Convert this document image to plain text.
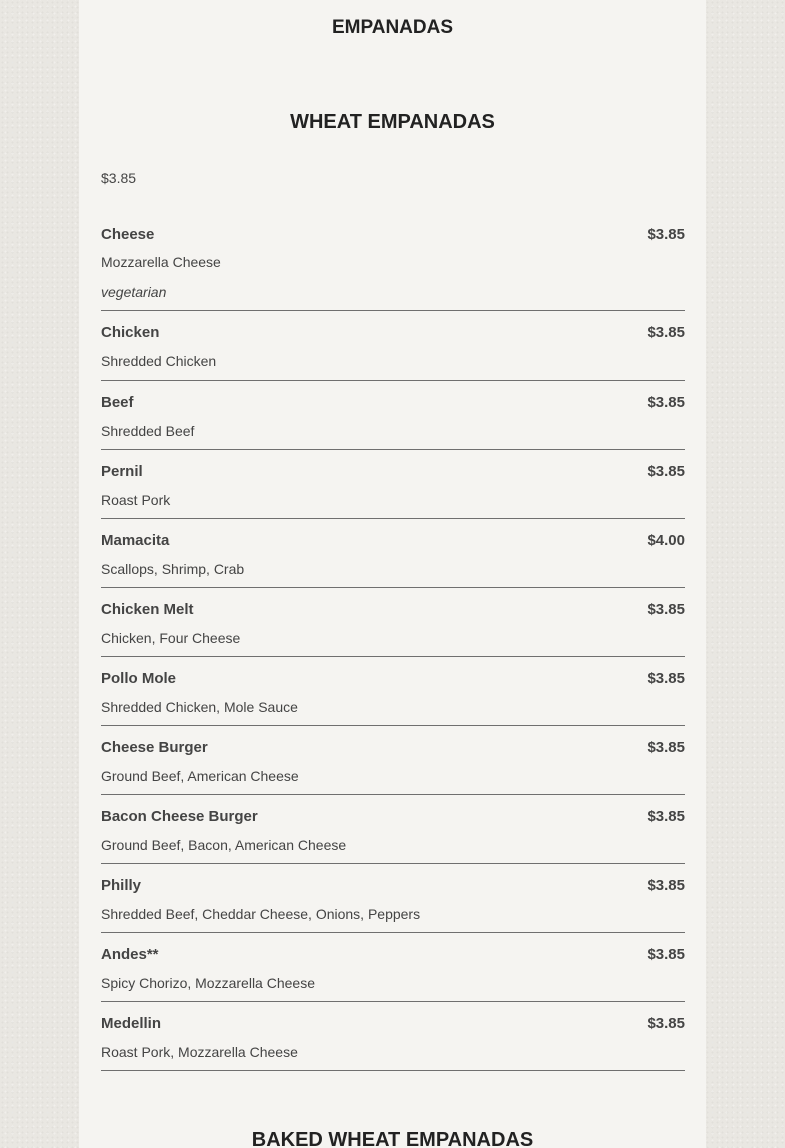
EMPANADAS
WHEAT EMPANADAS
$3.85
Cheese	$3.85
Mozzarella Cheese
vegetarian
Chicken	$3.85
Shredded Chicken
Beef	$3.85
Shredded Beef
Pernil	$3.85
Roast Pork
Mamacita	$4.00
Scallops, Shrimp, Crab
Chicken Melt	$3.85
Chicken, Four Cheese
Pollo Mole	$3.85
Shredded Chicken, Mole Sauce
Cheese Burger	$3.85
Ground Beef, American Cheese
Bacon Cheese Burger	$3.85
Ground Beef, Bacon, American Cheese
Philly	$3.85
Shredded Beef, Cheddar Cheese, Onions, Peppers
Andes**	$3.85
Spicy Chorizo, Mozzarella Cheese
Medellin	$3.85
Roast Pork, Mozzarella Cheese
BAKED WHEAT EMPANADAS
